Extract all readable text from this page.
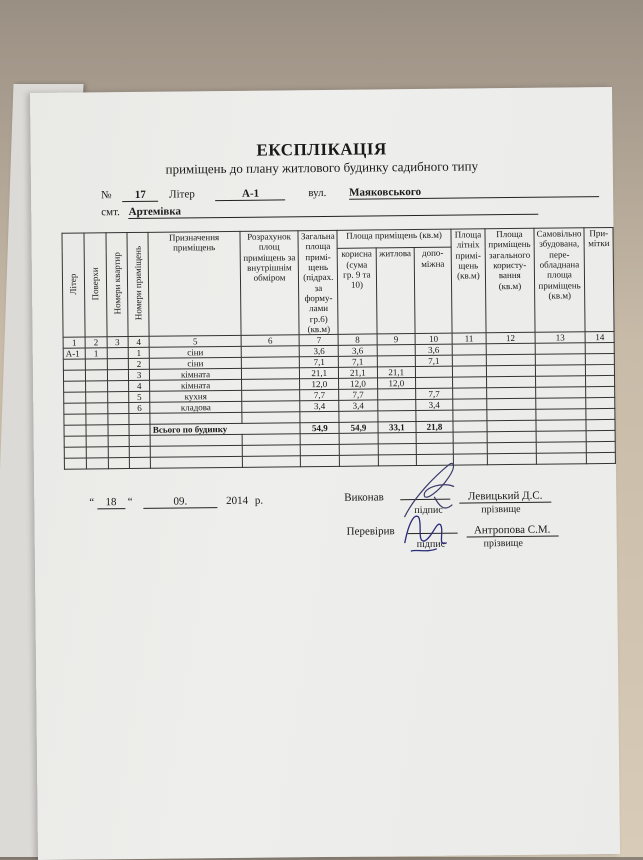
ЕКСПЛІКАЦІЯ
приміщень до плану житлового будинку садибного типу
№ 17 Літер	А-1	вул. Маяковського
смт. Артемівка
Літер	Поверхи	Номери квартир	Номери приміщень	Призначення приміщень	Розрахунок площ приміщень за внутрішнім обміром	Загальна площа примі-щень (підрах. за форму-лами гр.6) (кв.м)	Площа приміщень (кв.м)			Площа літніх примі-щень (кв.м)	Площа приміщень загального користу-вання (кв.м)	Самовільно збудована, пере-обладнана площа приміщень (кв.м)	При-мітки
							корисна (сума гр. 9 та 10)	житлова	допо-міжна				
1	2	3	4	5	6	7	8	9	10	11	12	13	14
А-1	1		1	сіни		3,6	3,6		3,6				
			2	сіни		7,1	7,1		7,1				
			3	кімната		21,1	21,1	21,1					
			4	кімната		12,0	12,0	12,0					
			5	кухня		7,7	7,7		7,7				
			6	кладова		3,4	3,4		3,4				

				Всього по будинку		54,9	54,9	33,1	21,8				

“ 18 “	09.	2014 р.	Виконав	Левицький Д.С.
підпис	прізвище
Перевірив	Антропова С.М.
підпис	прізвище
